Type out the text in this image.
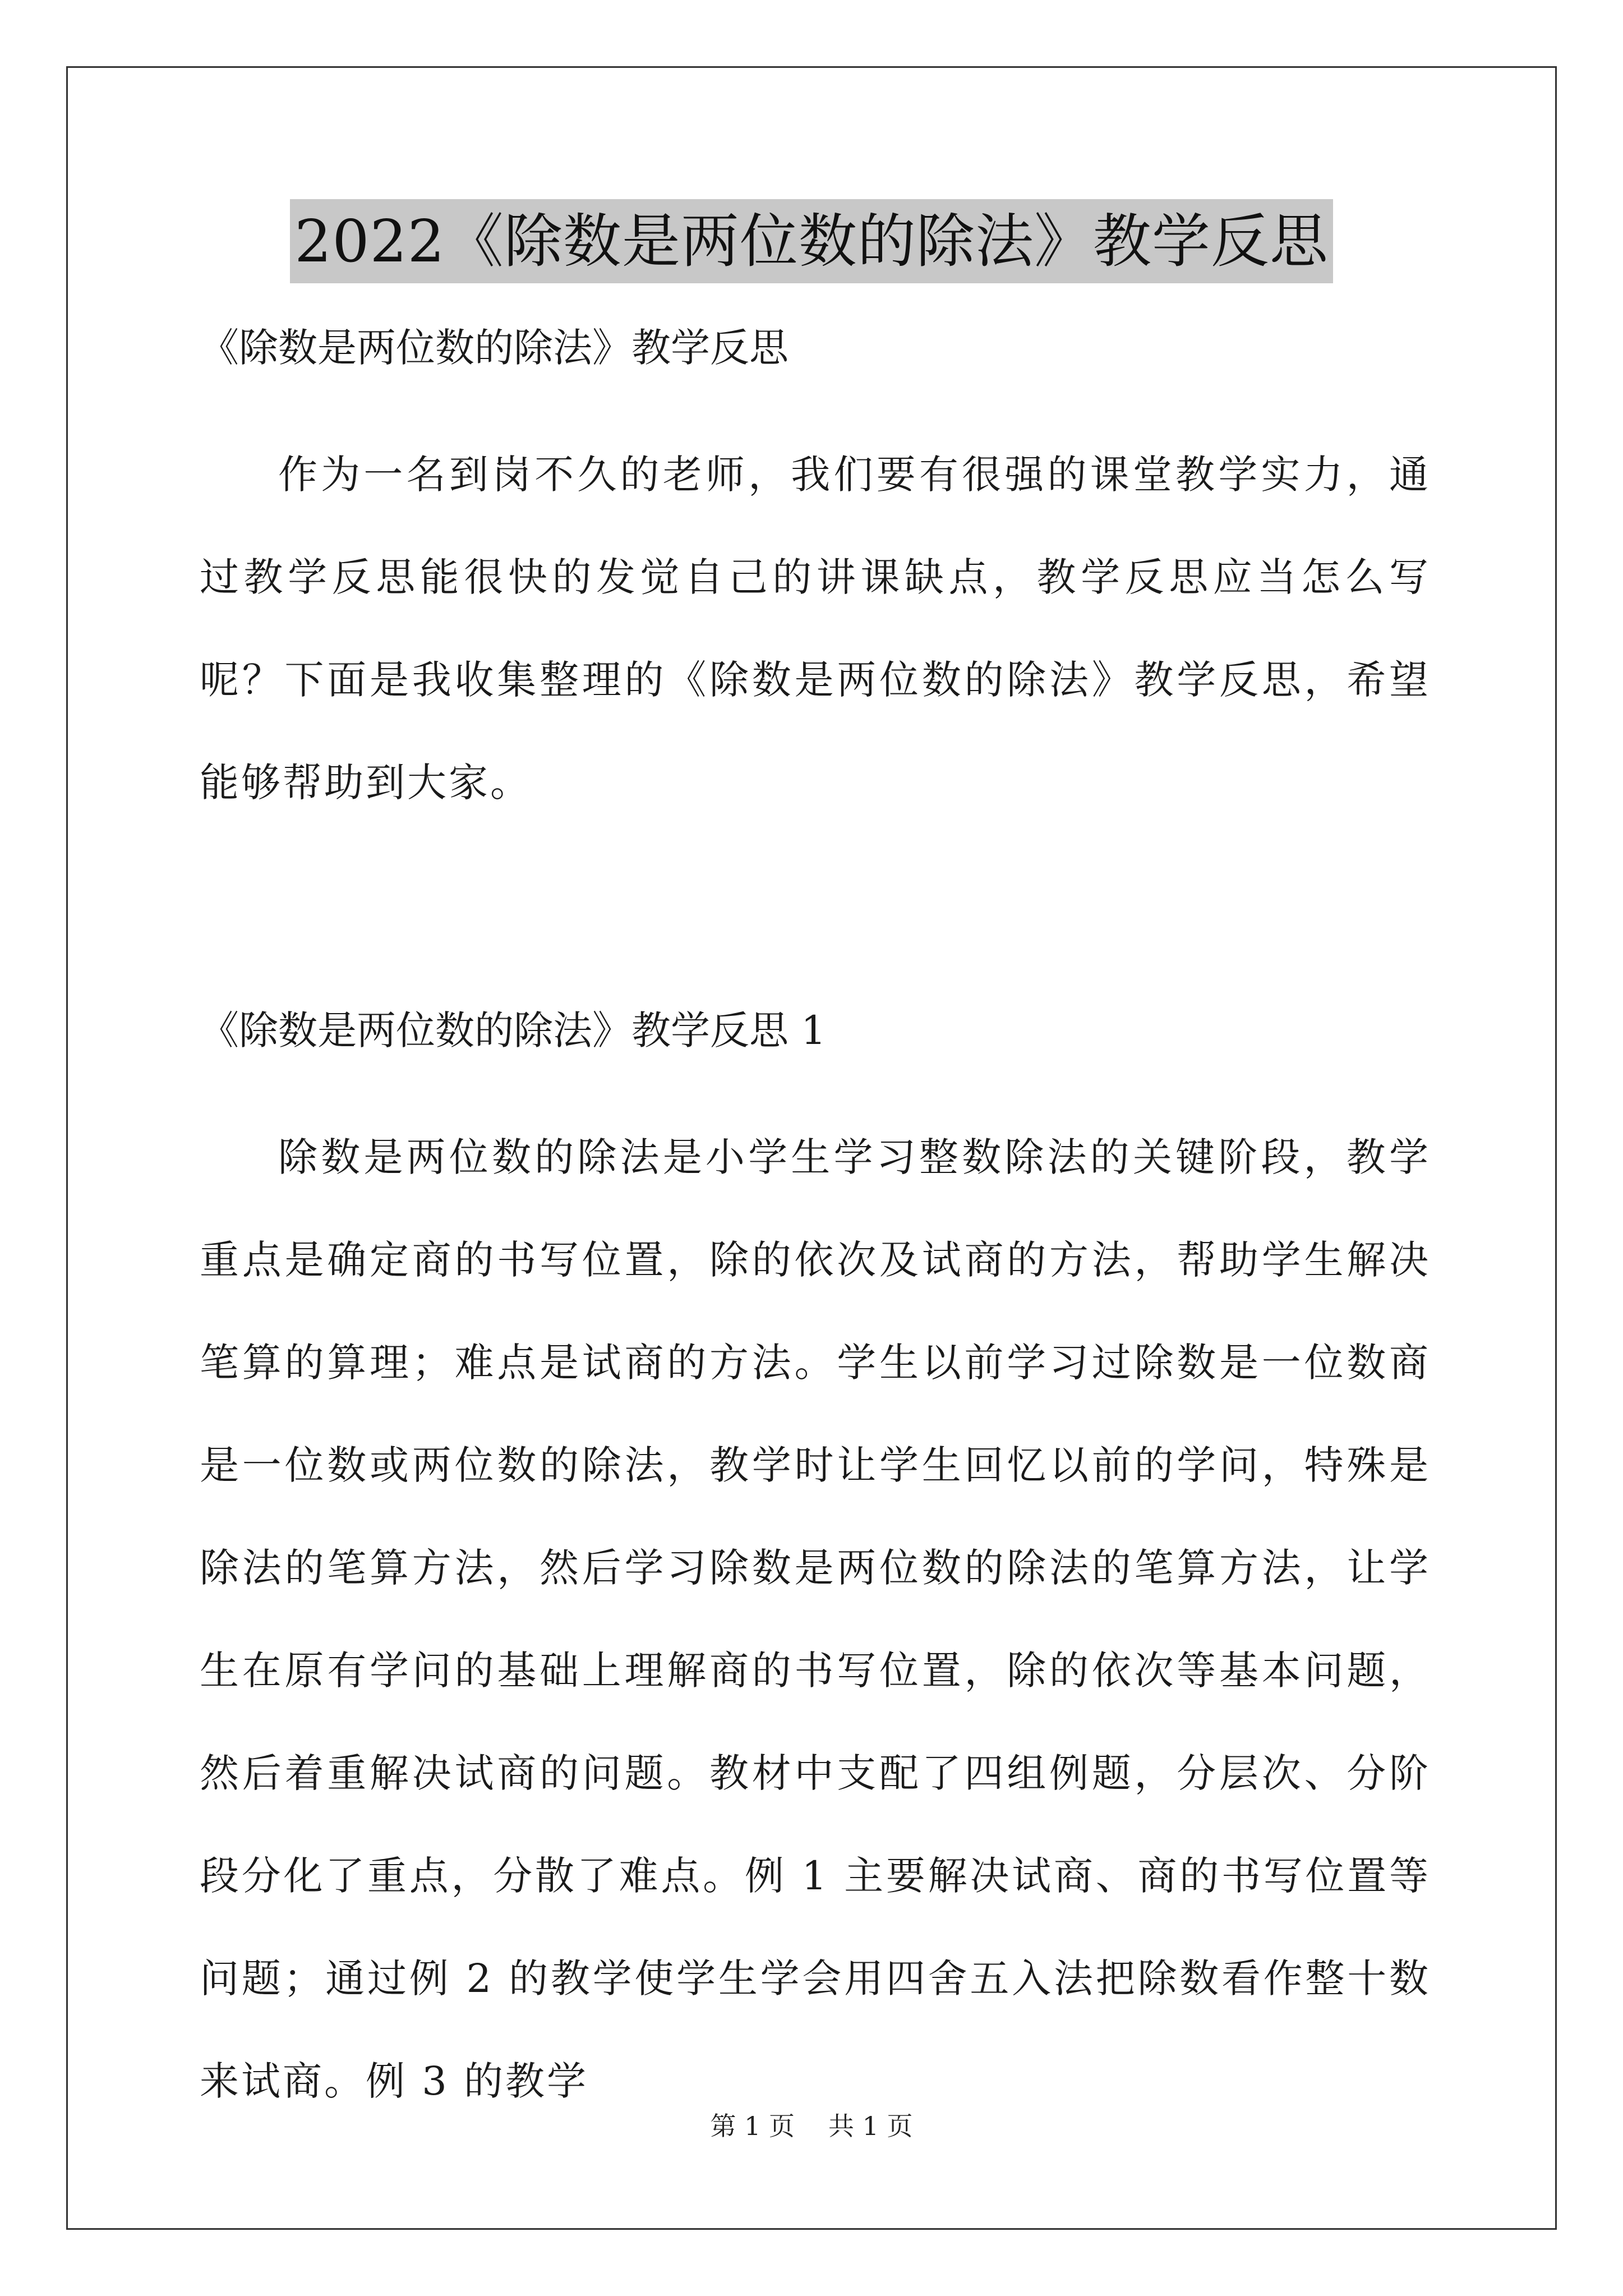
2022《除数是两位数的除法》教学反思

《除数是两位数的除法》教学反思

作为一名到岗不久的老师，我们要有很强的课堂教学实力，通过教学反思能很快的发觉自己的讲课缺点，教学反思应当怎么写呢？下面是我收集整理的《除数是两位数的除法》教学反思，希望能够帮助到大家。

《除数是两位数的除法》教学反思 1

除数是两位数的除法是小学生学习整数除法的关键阶段，教学重点是确定商的书写位置，除的依次及试商的方法，帮助学生解决笔算的算理；难点是试商的方法。学生以前学习过除数是一位数商是一位数或两位数的除法，教学时让学生回忆以前的学问，特殊是除法的笔算方法，然后学习除数是两位数的除法的笔算方法，让学生在原有学问的基础上理解商的书写位置，除的依次等基本问题，然后着重解决试商的问题。教材中支配了四组例题，分层次、分阶段分化了重点，分散了难点。例 1 主要解决试商、商的书写位置等问题；通过例 2 的教学使学生学会用四舍五入法把除数看作整十数来试商。例 3 的教学

第 1 页 共 1 页
